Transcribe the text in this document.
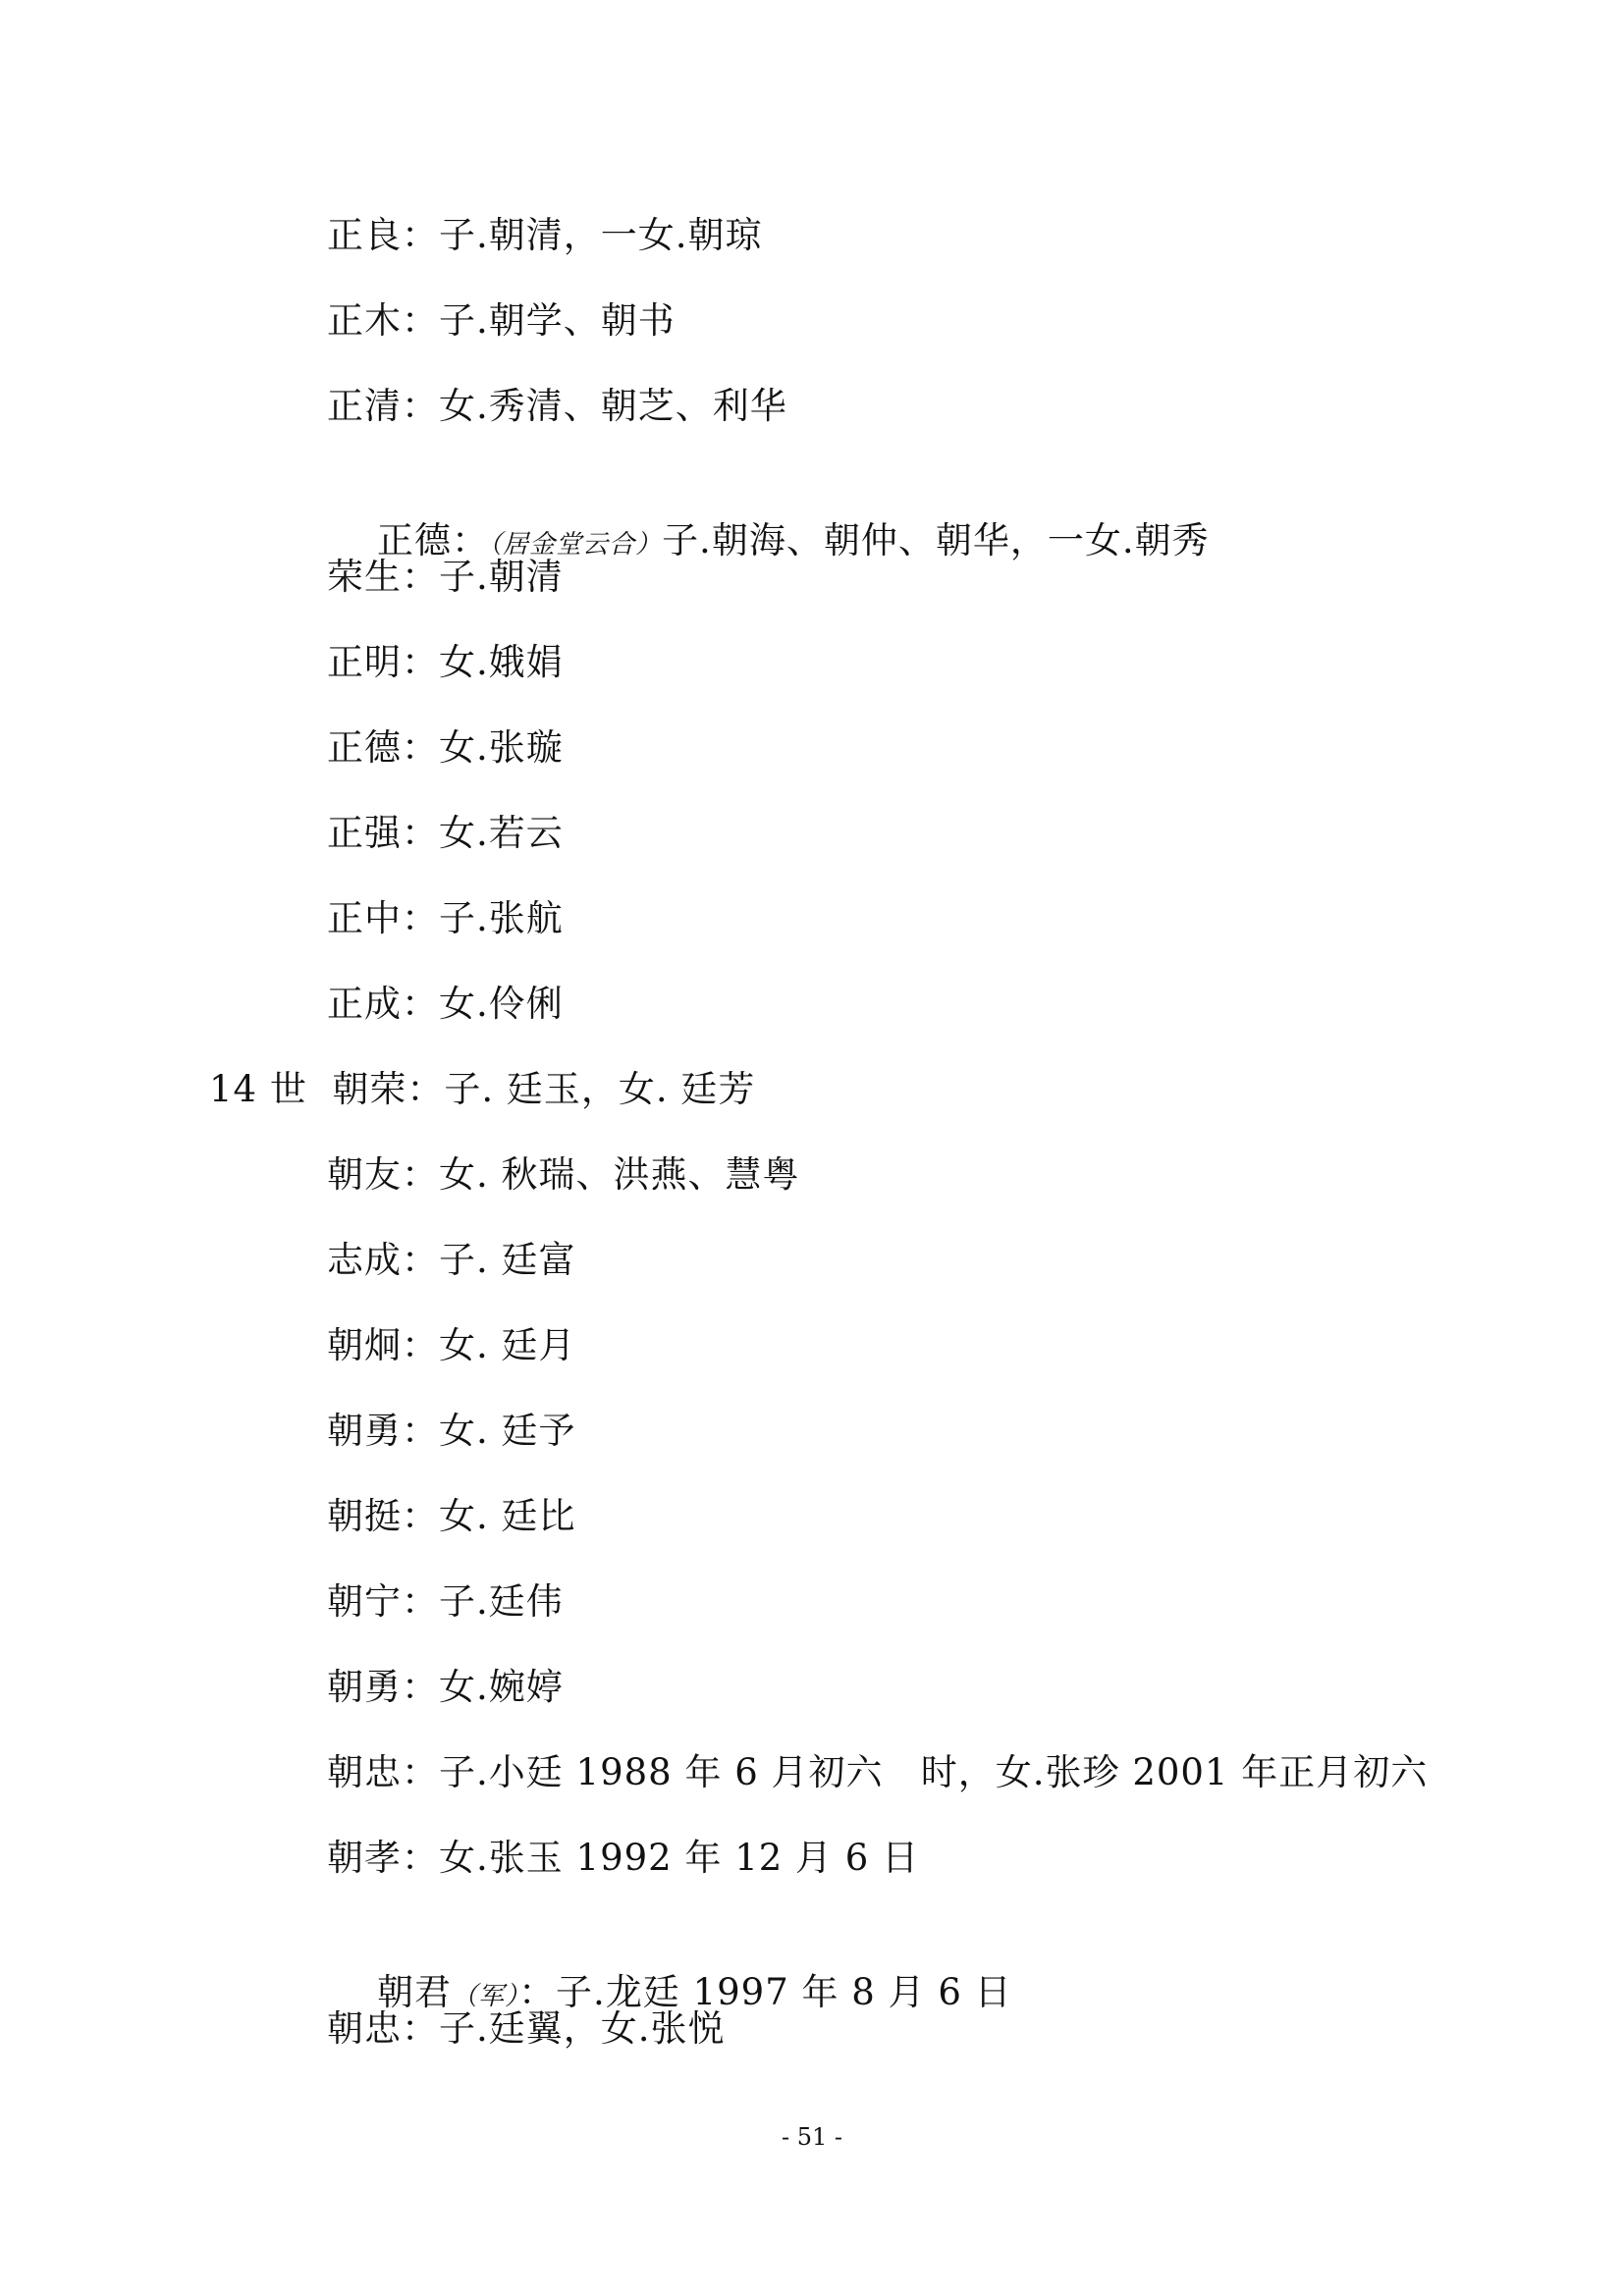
正良：子.朝清，一女.朝琼
正木：子.朝学、朝书
正清：女.秀清、朝芝、利华

正德：（居金堂云合）子.朝海、朝仲、朝华，一女.朝秀

荣生：子.朝清
正明：女.娥娟
正德：女.张璇
正强：女.若云
正中：子.张航
正成：女.伶俐
14 世  朝荣：子. 廷玉，女. 廷芳
朝友：女. 秋瑞、洪燕、慧粤
志成：子. 廷富
朝炯：女. 廷月
朝勇：女. 廷予
朝挺：女. 廷比
朝宁：子.廷伟
朝勇：女.婉婷
朝忠：子.小廷 1988 年 6 月初六   时，女.张珍 2001 年正月初六
朝孝：女.张玉 1992 年 12 月 6 日

朝君（军）：子.龙廷 1997 年 8 月 6 日

朝忠：子.廷翼，女.张悦
- 51 -
